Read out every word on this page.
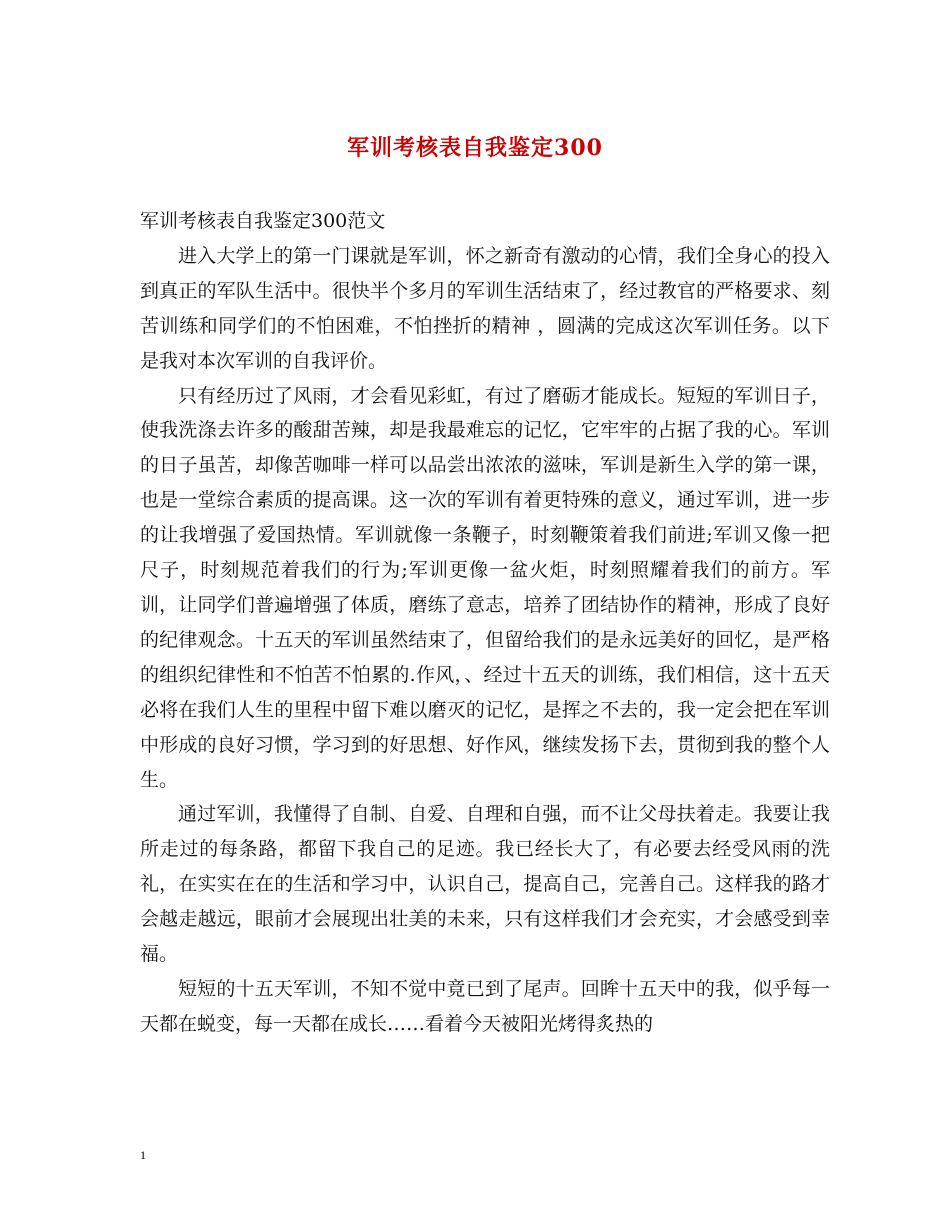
军训考核表自我鉴定300

军训考核表自我鉴定300范文

进入大学上的第一门课就是军训，怀之新奇有激动的心情，我们全身心的投入到真正的军队生活中。很快半个多月的军训生活结束了，经过教官的严格要求、刻苦训练和同学们的不怕困难，不怕挫折的精神 ，圆满的完成这次军训任务。以下是我对本次军训的自我评价。

只有经历过了风雨，才会看见彩虹，有过了磨砺才能成长。短短的军训日子，使我洗涤去许多的酸甜苦辣，却是我最难忘的记忆，它牢牢的占据了我的心。军训的日子虽苦，却像苦咖啡一样可以品尝出浓浓的滋味，军训是新生入学的第一课，也是一堂综合素质的提高课。这一次的军训有着更特殊的意义，通过军训，进一步的让我增强了爱国热情。军训就像一条鞭子，时刻鞭策着我们前进;军训又像一把尺子，时刻规范着我们的行为;军训更像一盆火炬，时刻照耀着我们的前方。军训，让同学们普遍增强了体质，磨练了意志，培养了团结协作的精神，形成了良好的纪律观念。十五天的军训虽然结束了，但留给我们的是永远美好的回忆，是严格的组织纪律性和不怕苦不怕累的.作风，、经过十五天的训练，我们相信，这十五天必将在我们人生的里程中留下难以磨灭的记忆，是挥之不去的，我一定会把在军训中形成的良好习惯，学习到的好思想、好作风，继续发扬下去，贯彻到我的整个人生。

通过军训，我懂得了自制、自爱、自理和自强，而不让父母扶着走。我要让我所走过的每条路，都留下我自己的足迹。我已经长大了，有必要去经受风雨的洗礼，在实实在在的生活和学习中，认识自己，提高自己，完善自己。这样我的路才会越走越远，眼前才会展现出壮美的未来，只有这样我们才会充实，才会感受到幸福。

短短的十五天军训，不知不觉中竟已到了尾声。回眸十五天中的我，似乎每一天都在蜕变，每一天都在成长……看着今天被阳光烤得炙热的

1
